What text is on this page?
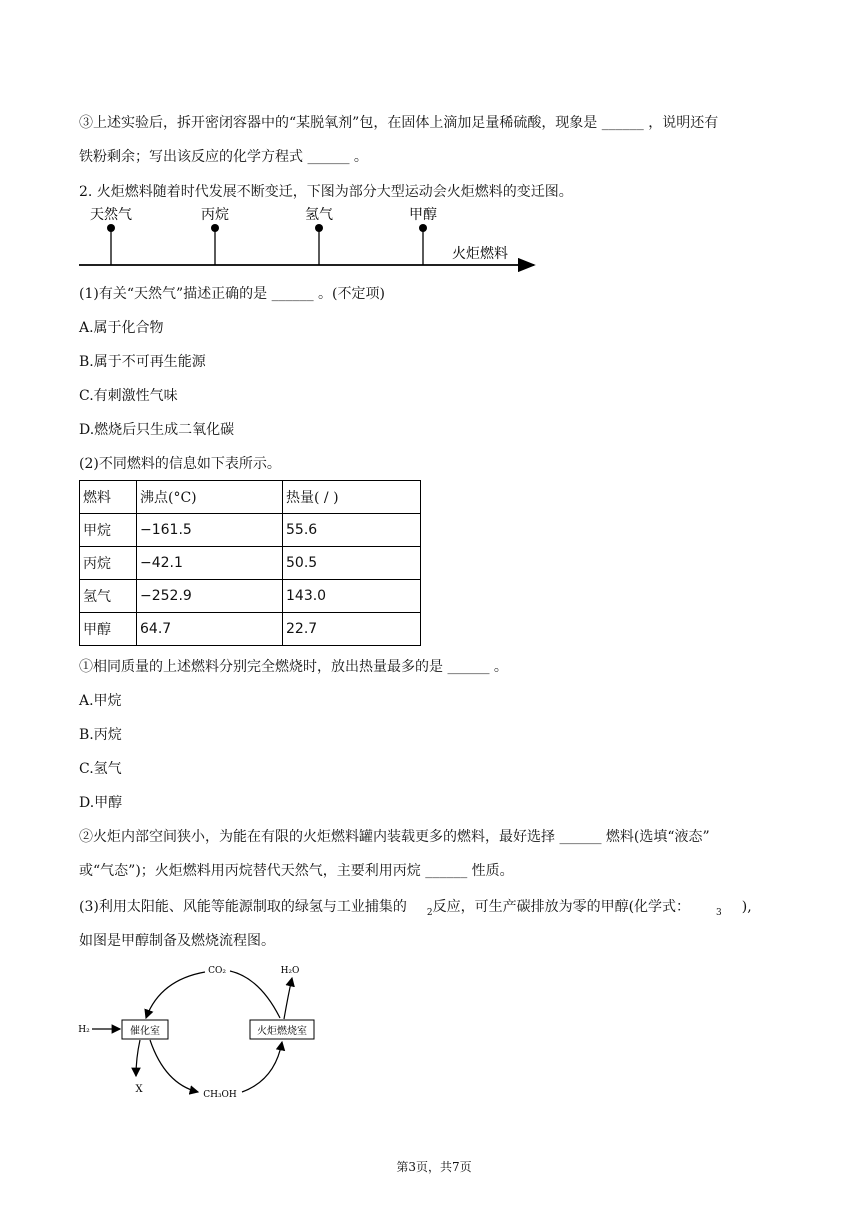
③上述实验后，拆开密闭容器中的“某脱氧剂”包，在固体上滴加足量稀硫酸，现象是 ______ ，说明还有
铁粉剩余；写出该反应的化学方程式 ______ 。
2. 火炬燃料随着时代发展不断变迁，下图为部分大型运动会火炬燃料的变迁图。
天然气	丙烷	氢气	甲醇
火炬燃料
(1)有关“天然气”描述正确的是 ______ 。(不定项)
A.属于化合物
B.属于不可再生能源
C.有刺激性气味
D.燃烧后只生成二氧化碳
(2)不同燃料的信息如下表所示。
燃料	沸点(°C)	热量( / )
甲烷	−161.5	55.6
丙烷	−42.1	50.5
氢气	−252.9	143.0
甲醇	64.7	22.7
①相同质量的上述燃料分别完全燃烧时，放出热量最多的是 ______ 。
A.甲烷
B.丙烷
C.氢气
D.甲醇
②火炬内部空间狭小，为能在有限的火炬燃料罐内装载更多的燃料，最好选择 ______ 燃料(选填“液态”
或“气态”)；火炬燃料用丙烷替代天然气，主要利用丙烷 ______ 性质。
(3)利用太阳能、风能等能源制取的绿氢与工业捕集的 $_2$反应，可生产碳排放为零的甲醇(化学式：	$_3$ ),
如图是甲醇制备及燃烧流程图。
催化室	火炬燃烧室
CO₂	H₂O
H₂
X	CH₃OH
第3页，共7页
